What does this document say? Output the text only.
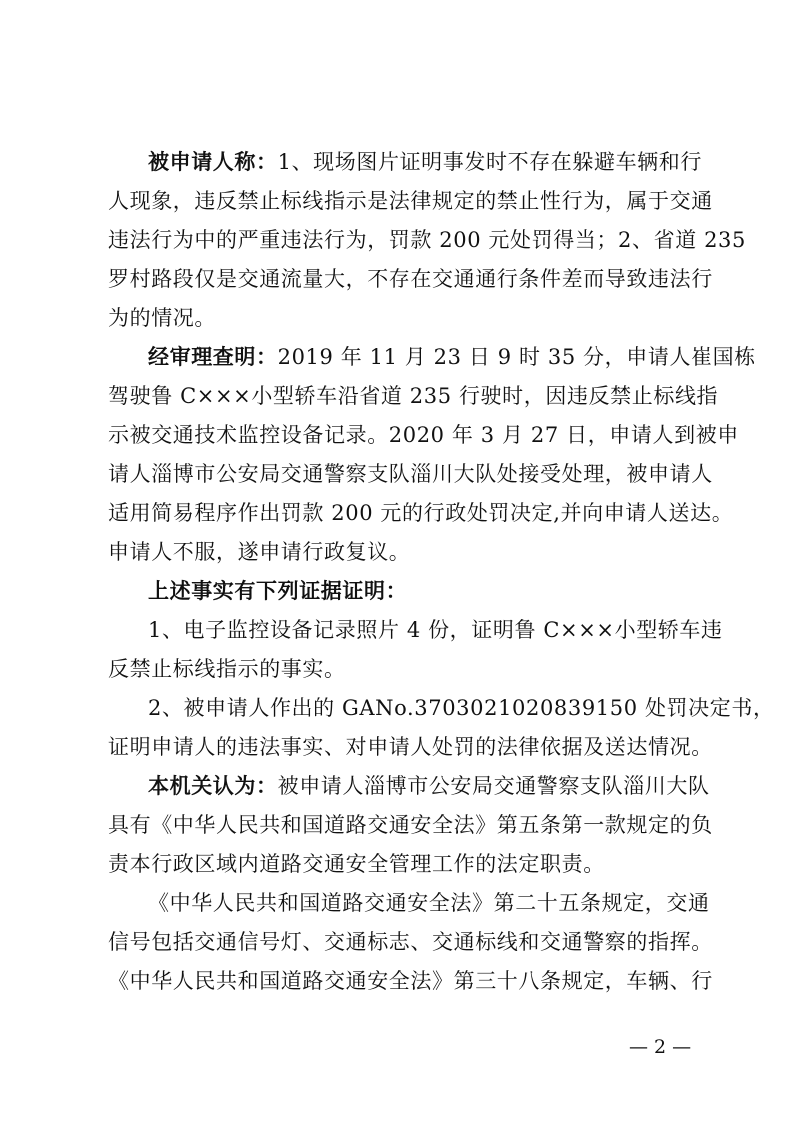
被申请人称：1、现场图片证明事发时不存在躲避车辆和行
人现象，违反禁止标线指示是法律规定的禁止性行为，属于交通
违法行为中的严重违法行为，罚款 200 元处罚得当；2、省道 235
罗村路段仅是交通流量大，不存在交通通行条件差而导致违法行
为的情况。
经审理查明：2019 年 11 月 23 日 9 时 35 分，申请人崔国栋
驾驶鲁 C×××小型轿车沿省道 235 行驶时，因违反禁止标线指
示被交通技术监控设备记录。2020 年 3 月 27 日，申请人到被申
请人淄博市公安局交通警察支队淄川大队处接受处理，被申请人
适用简易程序作出罚款 200 元的行政处罚决定,并向申请人送达。
申请人不服，遂申请行政复议。
上述事实有下列证据证明：
1、电子监控设备记录照片 4 份，证明鲁 C×××小型轿车违
反禁止标线指示的事实。
2、被申请人作出的 GANo.3703021020839150 处罚决定书，
证明申请人的违法事实、对申请人处罚的法律依据及送达情况。
本机关认为：被申请人淄博市公安局交通警察支队淄川大队
具有《中华人民共和国道路交通安全法》第五条第一款规定的负
责本行政区域内道路交通安全管理工作的法定职责。
《中华人民共和国道路交通安全法》第二十五条规定，交通
信号包括交通信号灯、交通标志、交通标线和交通警察的指挥。
《中华人民共和国道路交通安全法》第三十八条规定，车辆、行
— 2 —
